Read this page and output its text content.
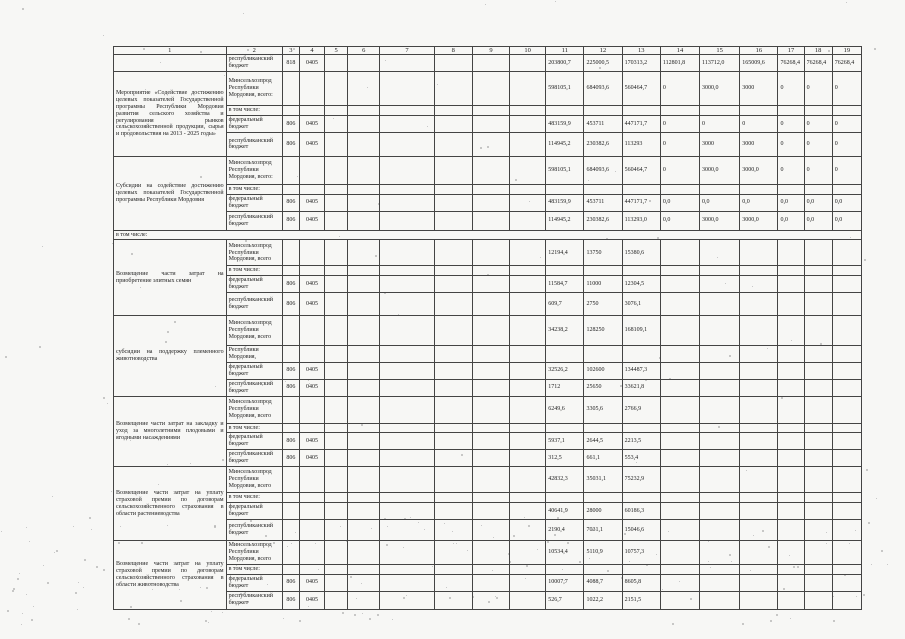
1	2	3	4	5	6	7	8	9	10	11	12	13	14	15	16	17	18	19
	республиканский бюджет	818	0405							203800,7	225000,5	170313,2	112801,8	113712,0	165009,6	76268,4	76268,4	76268,4
Мероприятие «Содействие достижению целевых показателей Государственной программы Республики Мордовия развития сельского хозяйства и регулирования рынков сельскохозяйственной продукции, сырья и продовольствия на 2013 - 2025 годы»	Минсельхозпрод Республики Мордовия, всего:									598105,1	684093,6	560464,7	0	3000,0	3000	0	0	0
	в том числе:																	
	федеральный бюджет	806	0405							483159,9	453711	447171,7	0	0	0	0	0	0
	республиканский бюджет	806	0405							114945,2	230382,6	113293	0	3000	3000	0	0	0
Субсидии на содействие достижению целевых показателей Государственной программы Республики Мордовия	Минсельхозпрод Республики Мордовия, всего:									598105,1	684093,6	560464,7	0	3000,0	3000,0	0	0	0
	в том числе:																	
	федеральный бюджет	806	0405							483159,9	453711	447171,7	0,0	0,0	0,0	0,0	0,0	0,0
	республиканский бюджет	806	0405							114945,2	230382,6	113293,0	0,0	3000,0	3000,0	0,0	0,0	0,0
в том числе:																		
Возмещение части затрат на приобретение элитных семян	Минсельхозпрод Республики Мордовия, всего									12194,4	13750	15380,6						
	в том числе:																	
	федеральный бюджет	806	0405							11584,7	11000	12304,5						
	республиканский бюджет	806	0405							609,7	2750	3076,1						
субсидии на поддержку племенного животноводства	Минсельхозпрод Республики Мордовия, всего									34238,2	128250	168109,1						
	Республики Мордовия,																	
	федеральный бюджет	806	0405							32526,2	102600	134487,3						
	республиканский бюджет	806	0405							1712	25650	33621,8						
Возмещение части затрат на закладку и уход за многолетними плодовыми и ягодными насаждениями	Минсельхозпрод Республики Мордовия, всего									6249,6	3305,6	2766,9						
	в том числе:																	
	федеральный бюджет	806	0405							5937,1	2644,5	2213,5						
	республиканский бюджет	806	0405							312,5	661,1	553,4						
Возмещение части затрат на уплату страховой премии по договорам сельскохозяйственного страхования в области растениеводства	Минсельхозпрод Республики Мордовия, всего									42832,3	35031,1	75232,9						
	в том числе:																	
	федеральный бюджет									40641,9	28000	60186,3						
	республиканский бюджет									2190,4	7031,1	15046,6						
Возмещение части затрат на уплату страховой премии по договорам сельскохозяйственного страхования в области животноводства	Минсельхозпрод Республики Мордовия, всего									10534,4	5110,9	10757,3						
	в том числе:																	
	федеральный бюджет	806	0405							10007,7	4088,7	8605,8						
	республиканский бюджет	806	0405							526,7	1022,2	2151,5						
